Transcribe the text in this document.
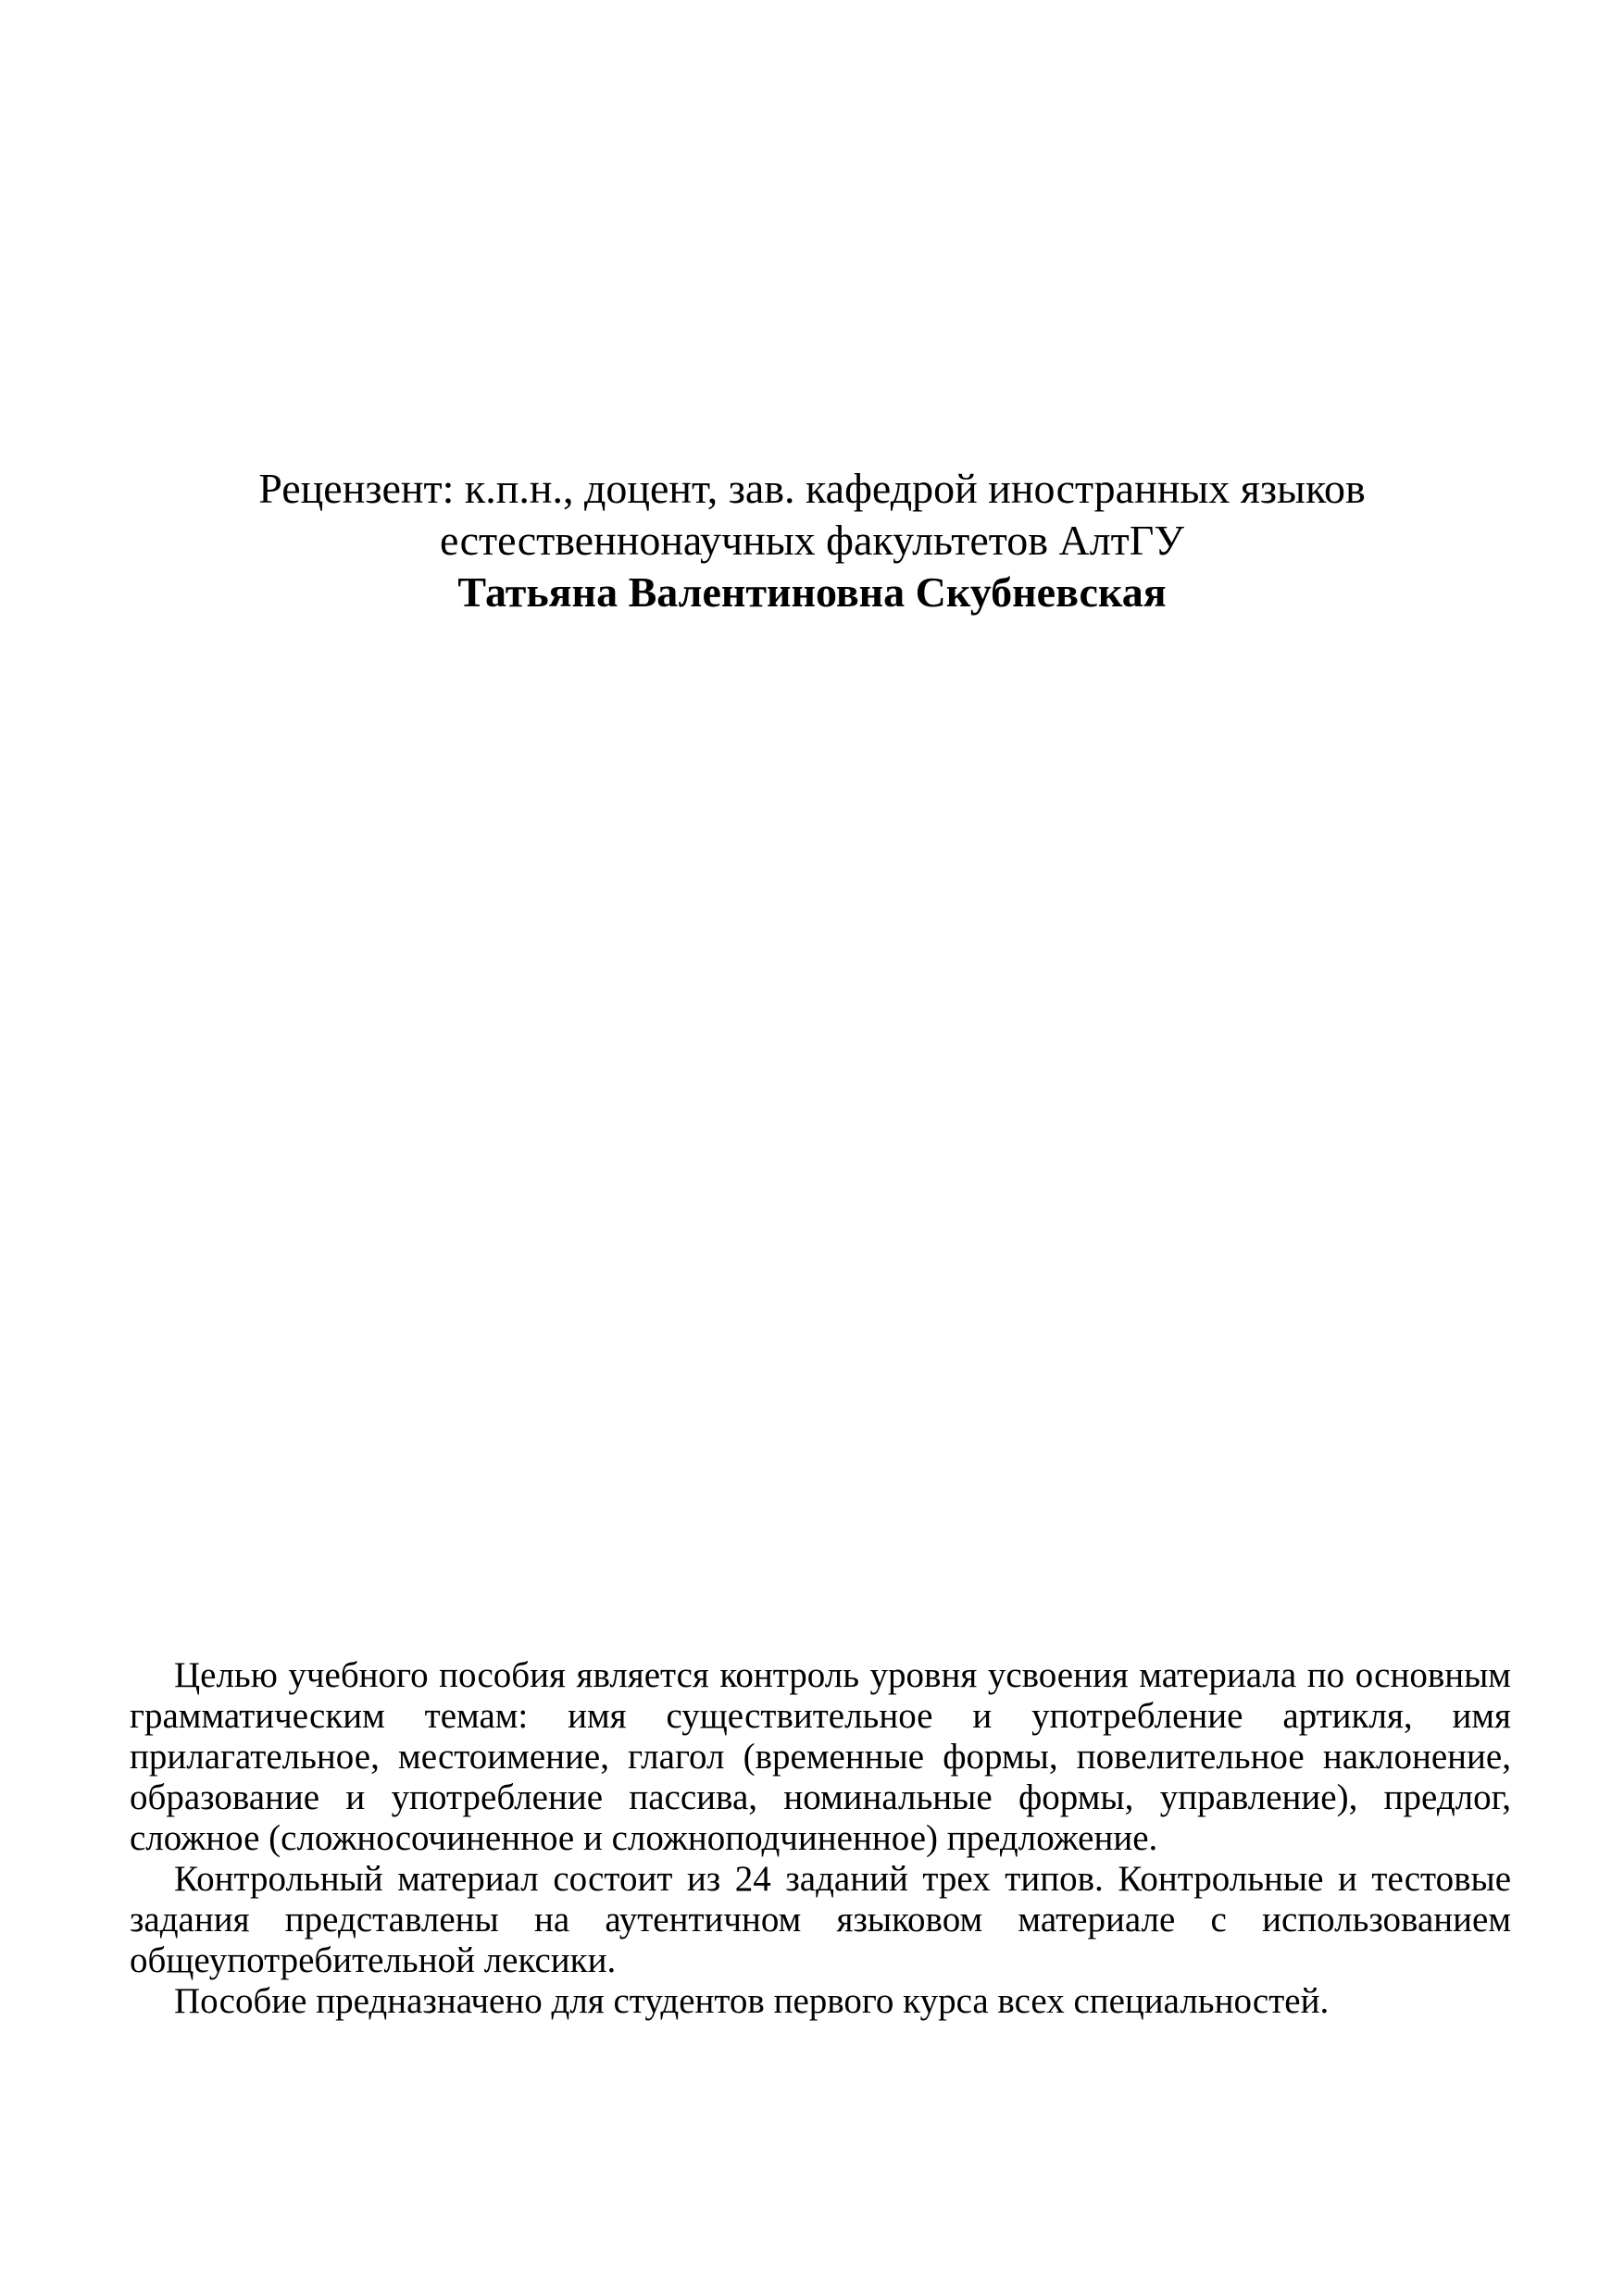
Рецензент: к.п.н., доцент, зав. кафедрой иностранных языков
естественнонаучных факультетов АлтГУ
Татьяна Валентиновна Скубневская

Целью учебного пособия является контроль уровня усвоения материала по основным грамматическим темам: имя существительное и употребление артикля, имя прилагательное, местоимение, глагол (временные формы, повелительное наклонение, образование и употребление пассива, номинальные формы, управление), предлог, сложное (сложносочиненное и сложноподчиненное) предложение.

Контрольный материал состоит из 24 заданий трех типов. Контрольные и тестовые задания представлены на аутентичном языковом материале с использованием общеупотребительной лексики.

Пособие предназначено для студентов первого курса всех специальностей.
